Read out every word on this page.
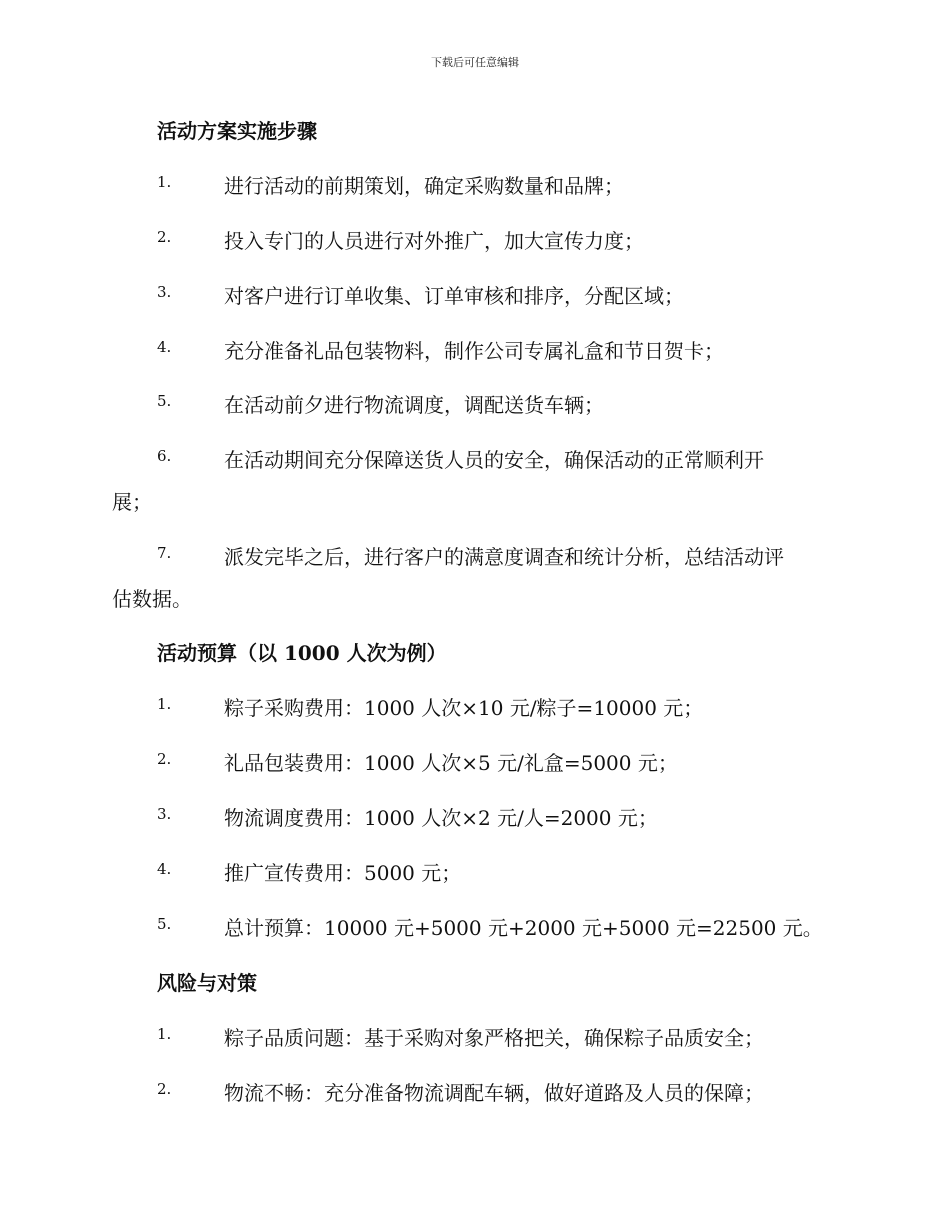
下载后可任意编辑
活动方案实施步骤
1.	进行活动的前期策划，确定采购数量和品牌；
2.	投入专门的人员进行对外推广，加大宣传力度；
3.	对客户进行订单收集、订单审核和排序，分配区域；
4.	充分准备礼品包装物料，制作公司专属礼盒和节日贺卡；
5.	在活动前夕进行物流调度，调配送货车辆；
6.	在活动期间充分保障送货人员的安全，确保活动的正常顺利开
展；
7.	派发完毕之后，进行客户的满意度调查和统计分析，总结活动评
估数据。
活动预算（以 1000 人次为例）
1.	粽子采购费用：1000 人次×10 元/粽子=10000 元；
2.	礼品包装费用：1000 人次×5 元/礼盒=5000 元；
3.	物流调度费用：1000 人次×2 元/人=2000 元；
4.	推广宣传费用：5000 元；
5.	总计预算：10000 元+5000 元+2000 元+5000 元=22500 元。
风险与对策
1.	粽子品质问题：基于采购对象严格把关，确保粽子品质安全；
2.	物流不畅：充分准备物流调配车辆，做好道路及人员的保障；
